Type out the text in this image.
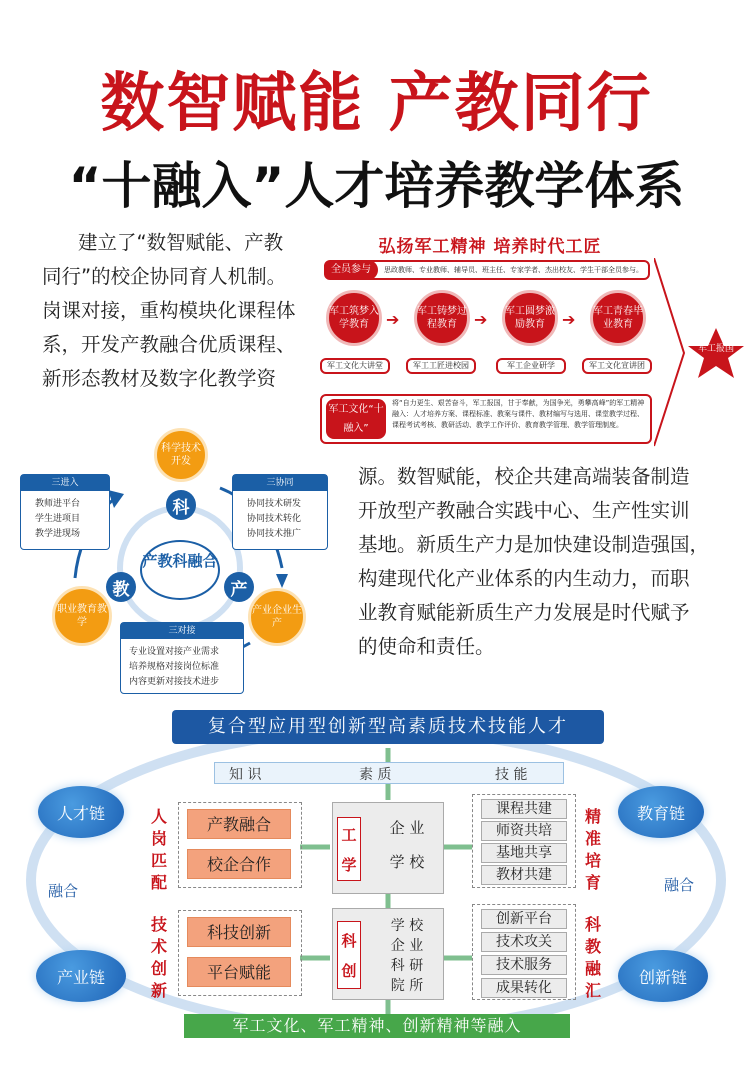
数智赋能 产教同行
“十融入”人才培养教学体系
建立了“数智赋能、产教
同行”的校企协同育人机制。
岗课对接，重构模块化课程体
系，开发产教融合优质课程、
新形态教材及数字化教学资
弘扬军工精神 培养时代工匠
全员参与	思政教师、专业教师、辅导员、班主任、专家学者、杰出校友、学生干部全员参与。
军工筑梦入学教育	➔	军工铸梦过程教育	➔	军工圆梦激励教育	➔	军工青春毕业教育
军工文化大讲堂	军工工匠进校园	军工企业研学	军工文化宣讲团
军工文化“十融入”
将“自力更生、艰苦奋斗，军工报国，甘于奉献，为国争光，勇攀高峰”的军工精神融入：人才培养方案、课程标准、教案与课件、教材编写与选用、课堂教学过程、课程考试考核、教研活动、教学工作评价、教育教学管理、教学管理制度。
军工报国
科学技术开发
职业教育教学
产业企业生产
科
教	产
产教科融合
三进入
教师进平台
学生进项目
教学进现场
三协同
协同技术研发
协同技术转化
协同技术推广
三对接
专业设置对接产业需求
培养规格对接岗位标准
内容更新对接技术进步
源。数智赋能，校企共建高端装备制造
开放型产教融合实践中心、生产性实训
基地。新质生产力是加快建设制造强国，
构建现代化产业体系的内生动力，而职
业教育赋能新质生产力发展是时代赋予
的使命和责任。
复合型应用型创新型高素质技术技能人才
知 识	素 质	技 能
人才链	教育链
产业链	创新链
融合	融合
人岗匹配
技术创新
精准培育
科教融汇
产教融合
校企合作
科技创新
平台赋能
工学
企 业
学 校
科创
学 校
企 业
科 研
院 所
课程共建
师资共培
基地共享
教材共建
创新平台
技术攻关
技术服务
成果转化
军工文化、军工精神、创新精神等融入
